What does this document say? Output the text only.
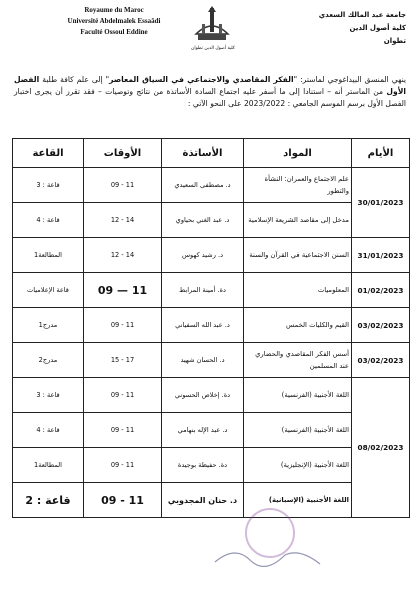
Royaume du Maroc
Université Abdelmalek Essaâdi
Faculté Ossoul Eddine
كلية أصول الدين تطوان
جامعة عبد المالك السعدي
كلية أصول الدين
تطوان
ينهي المنسق البيداغوجي لماستر: "الفكر المقاصدي والاجتماعي في السياق المعاصر" إلى علم كافة طلبة الفصل الأول من الماستر أنه – استنادا إلى ما أسفر عليه اجتماع السادة الأساتذة من نتائج وتوصيات – فقد تقرر أن يجرى اختبار الفصل الأول برسم الموسم الجامعي : 2023/2022 على النحو الآتي :
الأيام	المواد	الأساتذة	الأوقات	القاعة
30/01/2023	علم الاجتماع والعمران: النشأة والتطور	د. مصطفى السعيدي	09 - 11	قاعة : 3
	مدخل إلى مقاصد الشريعة الإسلامية	د. عبد الغني بحياوي	12 - 14	قاعة : 4
31/01/2023	السنن الاجتماعية في القرآن والسنة	د. رشيد كهوس	12 - 14	المطالعة1
01/02/2023	المعلوميات	دة. أمينة المرابط	09 — 11	قاعة الإعلاميات
03/02/2023	القيم والكليات الخمس	د. عبد الله السفياني	09 - 11	مدرج1
03/02/2023	أسس الفكر المقاصدي والحضاري عند المسلمين	د. الحسان شهيد	15 - 17	مدرج2
08/02/2023	اللغة الأجنبية (الفرنسية)	دة. إخلاص الحسوني	09 - 11	قاعة : 3
	اللغة الأجنبية (الفرنسية)	د. عبد الإله بنهامي	09 - 11	قاعة : 4
	اللغة الأجنبية (الإنجليزية)	دة. حفيظة بوجيدة	09 - 11	المطالعة1
	اللغة الأجنبية (الإسبانية)	د. حنان المجدوبي	09 - 11	قاعة : 2
